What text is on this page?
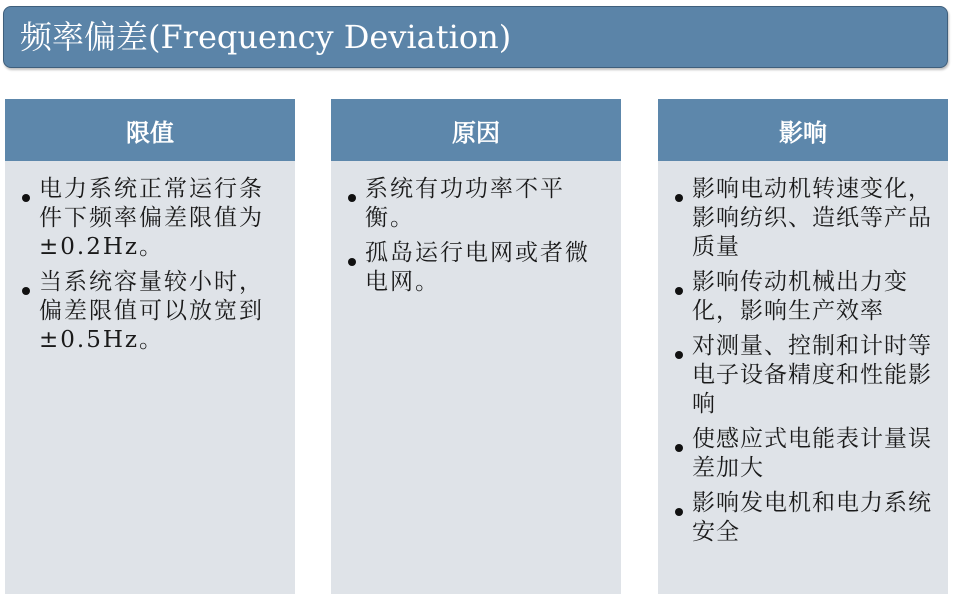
频率偏差(Frequency Deviation)
限值
电力系统正常运行条件下频率偏差限值为±0.2Hz。
当系统容量较小时，偏差限值可以放宽到±0.5Hz。
原因
系统有功功率不平衡。
孤岛运行电网或者微电网。
影响
影响电动机转速变化，影响纺织、造纸等产品质量
影响传动机械出力变化，影响生产效率
对测量、控制和计时等电子设备精度和性能影响
使感应式电能表计量误差加大
影响发电机和电力系统安全
